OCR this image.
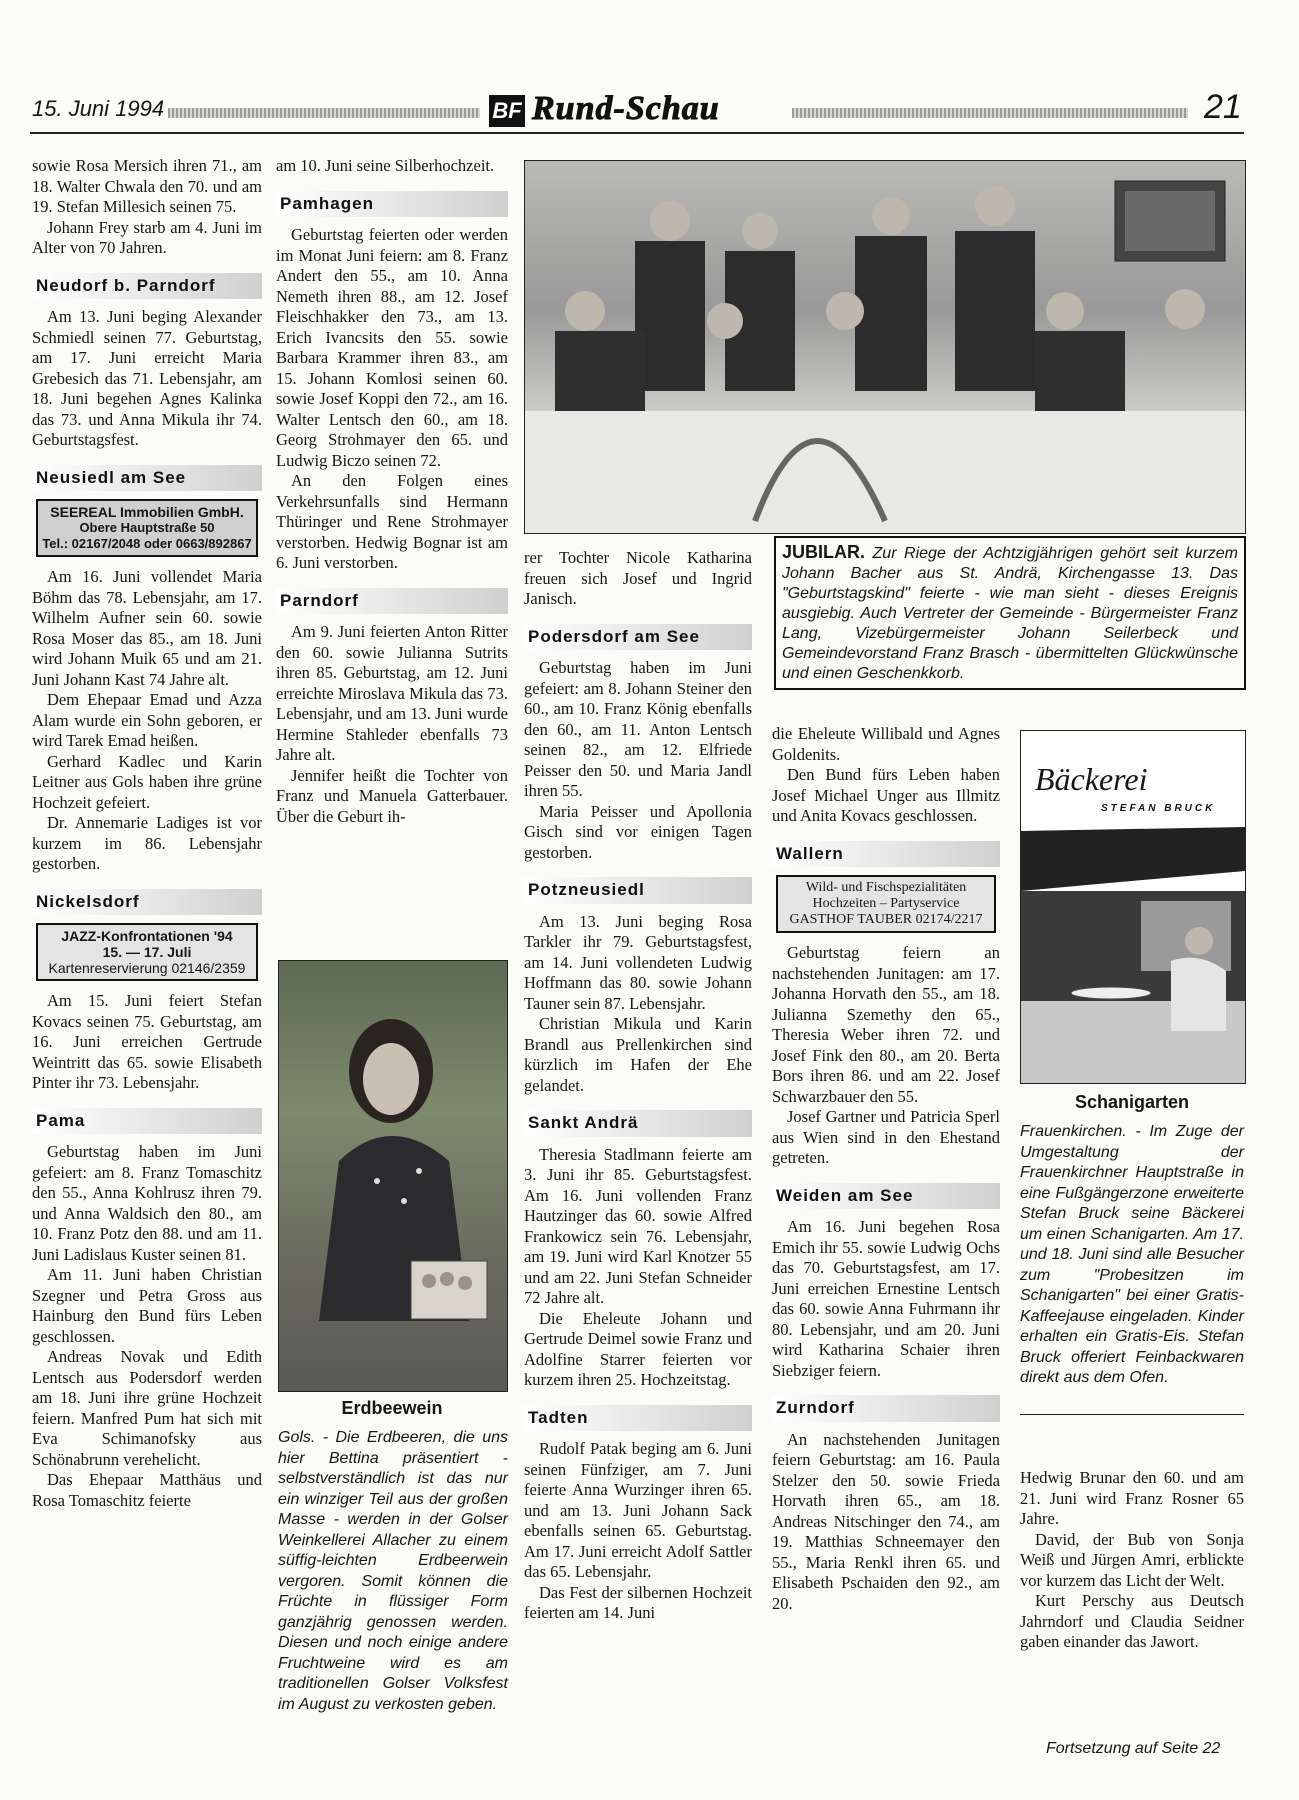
15. Juni 1994	BF Rund-Schau	21

sowie Rosa Mersich ihren 71., am 18. Walter Chwala den 70. und am 19. Stefan Millesich seinen 75.

Johann Frey starb am 4. Juni im Alter von 70 Jahren.

Neudorf b. Parndorf

Am 13. Juni beging Alexander Schmiedl seinen 77. Geburtstag, am 17. Juni erreicht Maria Grebesich das 71. Lebensjahr, am 18. Juni begehen Agnes Kalinka das 73. und Anna Mikula ihr 74. Geburtstagsfest.

Neusiedl am See
SEEREAL Immobilien GmbH.
Obere Hauptstraße 50
Tel.: 02167/2048 oder 0663/892867

Am 16. Juni vollendet Maria Böhm das 78. Lebensjahr, am 17. Wilhelm Aufner sein 60. sowie Rosa Moser das 85., am 18. Juni wird Johann Muik 65 und am 21. Juni Johann Kast 74 Jahre alt.

Dem Ehepaar Emad und Azza Alam wurde ein Sohn geboren, er wird Tarek Emad heißen.

Gerhard Kadlec und Karin Leitner aus Gols haben ihre grüne Hochzeit gefeiert.

Dr. Annemarie Ladiges ist vor kurzem im 86. Lebensjahr gestorben.

Nickelsdorf
JAZZ-Konfrontationen '94
15. — 17. Juli
Kartenreservierung 02146/2359

Am 15. Juni feiert Stefan Kovacs seinen 75. Geburtstag, am 16. Juni erreichen Gertrude Weintritt das 65. sowie Elisabeth Pinter ihr 73. Lebensjahr.

Pama

Geburtstag haben im Juni gefeiert: am 8. Franz Tomaschitz den 55., Anna Kohlrusz ihren 79. und Anna Waldsich den 80., am 10. Franz Potz den 88. und am 11. Juni Ladislaus Kuster seinen 81.

Am 11. Juni haben Christian Szegner und Petra Gross aus Hainburg den Bund fürs Leben geschlossen.

Andreas Novak und Edith Lentsch aus Podersdorf werden am 18. Juni ihre grüne Hochzeit feiern. Manfred Pum hat sich mit Eva Schimanofsky aus Schönabrunn verehelicht.

Das Ehepaar Matthäus und Rosa Tomaschitz feierte

am 10. Juni seine Silberhochzeit.

Pamhagen

Geburtstag feierten oder werden im Monat Juni feiern: am 8. Franz Andert den 55., am 10. Anna Nemeth ihren 88., am 12. Josef Fleischhakker den 73., am 13. Erich Ivancsits den 55. sowie Barbara Krammer ihren 83., am 15. Johann Komlosi seinen 60. sowie Josef Koppi den 72., am 16. Walter Lentsch den 60., am 18. Georg Strohmayer den 65. und Ludwig Biczo seinen 72.

An den Folgen eines Verkehrsunfalls sind Hermann Thüringer und Rene Strohmayer verstorben. Hedwig Bognar ist am 6. Juni verstorben.

Parndorf

Am 9. Juni feierten Anton Ritter den 60. sowie Julianna Sutrits ihren 85. Geburtstag, am 12. Juni erreichte Miroslava Mikula das 73. Lebensjahr, und am 13. Juni wurde Hermine Stahleder ebenfalls 73 Jahre alt.

Jennifer heißt die Tochter von Franz und Manuela Gatterbauer. Über die Geburt ih-

Erdbeewein
Gols. - Die Erdbeeren, die uns hier Bettina präsentiert - selbstverständlich ist das nur ein winziger Teil aus der großen Masse - werden in der Golser Weinkellerei Allacher zu einem süffig-leichten Erdbeerwein vergoren. Somit können die Früchte in flüssiger Form ganzjährig genossen werden. Diesen und noch einige andere Fruchtweine wird es am traditionellen Golser Volksfest im August zu verkosten geben.

rer Tochter Nicole Katharina freuen sich Josef und Ingrid Janisch.

Podersdorf am See

Geburtstag haben im Juni gefeiert: am 8. Johann Steiner den 60., am 10. Franz König ebenfalls den 60., am 11. Anton Lentsch seinen 82., am 12. Elfriede Peisser den 50. und Maria Jandl ihren 55.

Maria Peisser und Apollonia Gisch sind vor einigen Tagen gestorben.

Potzneusiedl

Am 13. Juni beging Rosa Tarkler ihr 79. Geburtstagsfest, am 14. Juni vollendeten Ludwig Hoffmann das 80. sowie Johann Tauner sein 87. Lebensjahr.

Christian Mikula und Karin Brandl aus Prellenkirchen sind kürzlich im Hafen der Ehe gelandet.

Sankt Andrä

Theresia Stadlmann feierte am 3. Juni ihr 85. Geburtstagsfest. Am 16. Juni vollenden Franz Hautzinger das 60. sowie Alfred Frankowicz sein 76. Lebensjahr, am 19. Juni wird Karl Knotzer 55 und am 22. Juni Stefan Schneider 72 Jahre alt.

Die Eheleute Johann und Gertrude Deimel sowie Franz und Adolfine Starrer feierten vor kurzem ihren 25. Hochzeitstag.

Tadten

Rudolf Patak beging am 6. Juni seinen Fünfziger, am 7. Juni feierte Anna Wurzinger ihren 65. und am 13. Juni Johann Sack ebenfalls seinen 65. Geburtstag. Am 17. Juni erreicht Adolf Sattler das 65. Lebensjahr.

Das Fest der silbernen Hochzeit feierten am 14. Juni

JUBILAR. Zur Riege der Achtzigjährigen gehört seit kurzem Johann Bacher aus St. Andrä, Kirchengasse 13. Das "Geburtstagskind" feierte - wie man sieht - dieses Ereignis ausgiebig. Auch Vertreter der Gemeinde - Bürgermeister Franz Lang, Vizebürgermeister Johann Seilerbeck und Gemeindevorstand Franz Brasch - übermittelten Glückwünsche und einen Geschenkkorb.

die Eheleute Willibald und Agnes Goldenits.

Den Bund fürs Leben haben Josef Michael Unger aus Illmitz und Anita Kovacs geschlossen.

Wallern
Wild- und Fischspezialitäten
Hochzeiten – Partyservice
GASTHOF TAUBER 02174/2217

Geburtstag feiern an nachstehenden Junitagen: am 17. Johanna Horvath den 55., am 18. Julianna Szemethy den 65., Theresia Weber ihren 72. und Josef Fink den 80., am 20. Berta Bors ihren 86. und am 22. Josef Schwarzbauer den 55.

Josef Gartner und Patricia Sperl aus Wien sind in den Ehestand getreten.

Weiden am See

Am 16. Juni begehen Rosa Emich ihr 55. sowie Ludwig Ochs das 70. Geburtstagsfest, am 17. Juni erreichen Ernestine Lentsch das 60. sowie Anna Fuhrmann ihr 80. Lebensjahr, und am 20. Juni wird Katharina Schaier ihren Siebziger feiern.

Zurndorf

An nachstehenden Junitagen feiern Geburtstag: am 16. Paula Stelzer den 50. sowie Frieda Horvath ihren 65., am 18. Andreas Nitschinger den 74., am 19. Matthias Schneemayer den 55., Maria Renkl ihren 65. und Elisabeth Pschaiden den 92., am 20.

Bäckerei
STEFAN BRUCK
Schanigarten
Frauenkirchen. - Im Zuge der Umgestaltung der Frauenkirchner Hauptstraße in eine Fußgängerzone erweiterte Stefan Bruck seine Bäckerei um einen Schanigarten. Am 17. und 18. Juni sind alle Besucher zum "Probesitzen im Schanigarten" bei einer Gratis-Kaffeejause eingeladen. Kinder erhalten ein Gratis-Eis. Stefan Bruck offeriert Feinbackwaren direkt aus dem Ofen.

Hedwig Brunar den 60. und am 21. Juni wird Franz Rosner 65 Jahre.

David, der Bub von Sonja Weiß und Jürgen Amri, erblickte vor kurzem das Licht der Welt.

Kurt Perschy aus Deutsch Jahrndorf und Claudia Seidner gaben einander das Jawort.

Fortsetzung auf Seite 22
